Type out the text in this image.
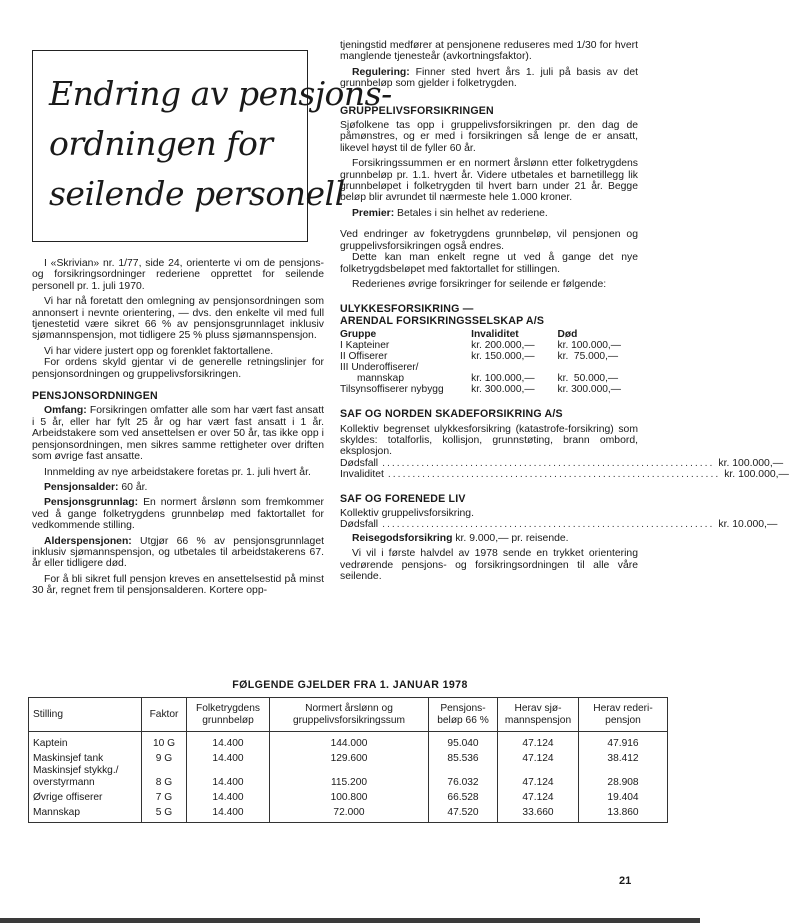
Endring av pensjons-
ordningen for
seilende personell

I «Skrivian» nr. 1/77, side 24, orienterte vi om de pensjons- og forsikringsordninger rederiene opprettet for seilende personell pr. 1. juli 1970.

Vi har nå foretatt den omlegning av pensjonsordningen som annonsert i nevnte orientering, — dvs. den enkelte vil med full tjenestetid være sikret 66 % av pensjonsgrunnlaget inklusiv sjømannspensjon, mot tidligere 25 % pluss sjømannspensjon.

Vi har videre justert opp og forenklet faktortallene.

For ordens skyld gjentar vi de generelle retningslinjer for pensjonsordningen og gruppelivsforsikringen.

PENSJONSORDNINGEN

Omfang: Forsikringen omfatter alle som har vært fast ansatt i 5 år, eller har fylt 25 år og har vært fast ansatt i 1 år. Arbeidstakere som ved ansettelsen er over 50 år, tas ikke opp i pensjonsordningen, men sikres samme rettigheter over driften som øvrige fast ansatte.

Innmelding av nye arbeidstakere foretas pr. 1. juli hvert år.

Pensjonsalder: 60 år.

Pensjonsgrunnlag: En normert årslønn som fremkommer ved å gange folketrygdens grunnbeløp med faktortallet for vedkommende stilling.

Alderspensjonen: Utgjør 66 % av pensjonsgrunnlaget inklusiv sjømannspensjon, og utbetales til arbeidstakerens 67. år eller tidligere død.

For å bli sikret full pensjon kreves en ansettelsestid på minst 30 år, regnet frem til pensjonsalderen. Kortere opp-

tjeningstid medfører at pensjonene reduseres med 1/30 for hvert manglende tjenesteår (avkortningsfaktor).

Regulering: Finner sted hvert års 1. juli på basis av det grunnbeløp som gjelder i folketrygden.

GRUPPELIVSFORSIKRINGEN

Sjøfolkene tas opp i gruppelivsforsikringen pr. den dag de påmønstres, og er med i forsikringen så lenge de er ansatt, likevel høyst til de fyller 60 år.

Forsikringssummen er en normert årslønn etter folketrygdens grunnbeløp pr. 1.1. hvert år. Videre utbetales et barnetillegg lik grunnbeløpet i folketrygden til hvert barn under 21 år. Begge beløp blir avrundet til nærmeste hele 1.000 kroner.

Premier: Betales i sin helhet av rederiene.

Ved endringer av foketrygdens grunnbeløp, vil pensjonen og gruppelivsforsikringen også endres.

Dette kan man enkelt regne ut ved å gange det nye folketrygdsbeløpet med faktortallet for stillingen.

Rederienes øvrige forsikringer for seilende er følgende:

ULYKKESFORSIKRING —
ARENDAL FORSIKRINGSSELSKAP A/S
Gruppe	Invaliditet	Død
I Kapteiner	kr. 200.000,—	kr. 100.000,—
II Offiserer	kr. 150.000,—	kr.  75.000,—
III Underoffiserer/		
mannskap	kr. 100.000,—	kr.  50.000,—
Tilsynsoffiserer nybygg	kr. 300.000,—	kr. 300.000,—
SAF OG NORDEN SKADEFORSIKRING A/S

Kollektiv begrenset ulykkesforsikring (katastrofe-forsikring) som skyldes: totalforlis, kollisjon, grunnstøting, brann ombord, eksplosjon.

Dødsfall .................................................................... kr. 100.000,—
Invaliditet .................................................................... kr. 100.000,—
SAF OG FORENEDE LIV

Kollektiv gruppelivsforsikring.

Dødsfall .................................................................... kr. 10.000,—

Reisegodsforsikring kr. 9.000,— pr. reisende.

Vi vil i første halvdel av 1978 sende en trykket orientering vedrørende pensjons- og forsikringsordningen til alle våre seilende.

FØLGENDE GJELDER FRA 1. JANUAR 1978
Stilling	Faktor	Folketrygdens grunnbeløp	Normert årslønn og gruppelivsforsikringssum	Pensjons-beløp 66 %	Herav sjø-mannspensjon	Herav rederi-pensjon
Kaptein	10 G	14.400	144.000	95.040	47.124	47.916
Maskinsjef tank	9 G	14.400	129.600	85.536	47.124	38.412
Maskinsjef stykkg./ overstyrmann	8 G	14.400	115.200	76.032	47.124	28.908
Øvrige offiserer	7 G	14.400	100.800	66.528	47.124	19.404
Mannskap	5 G	14.400	72.000	47.520	33.660	13.860
21
